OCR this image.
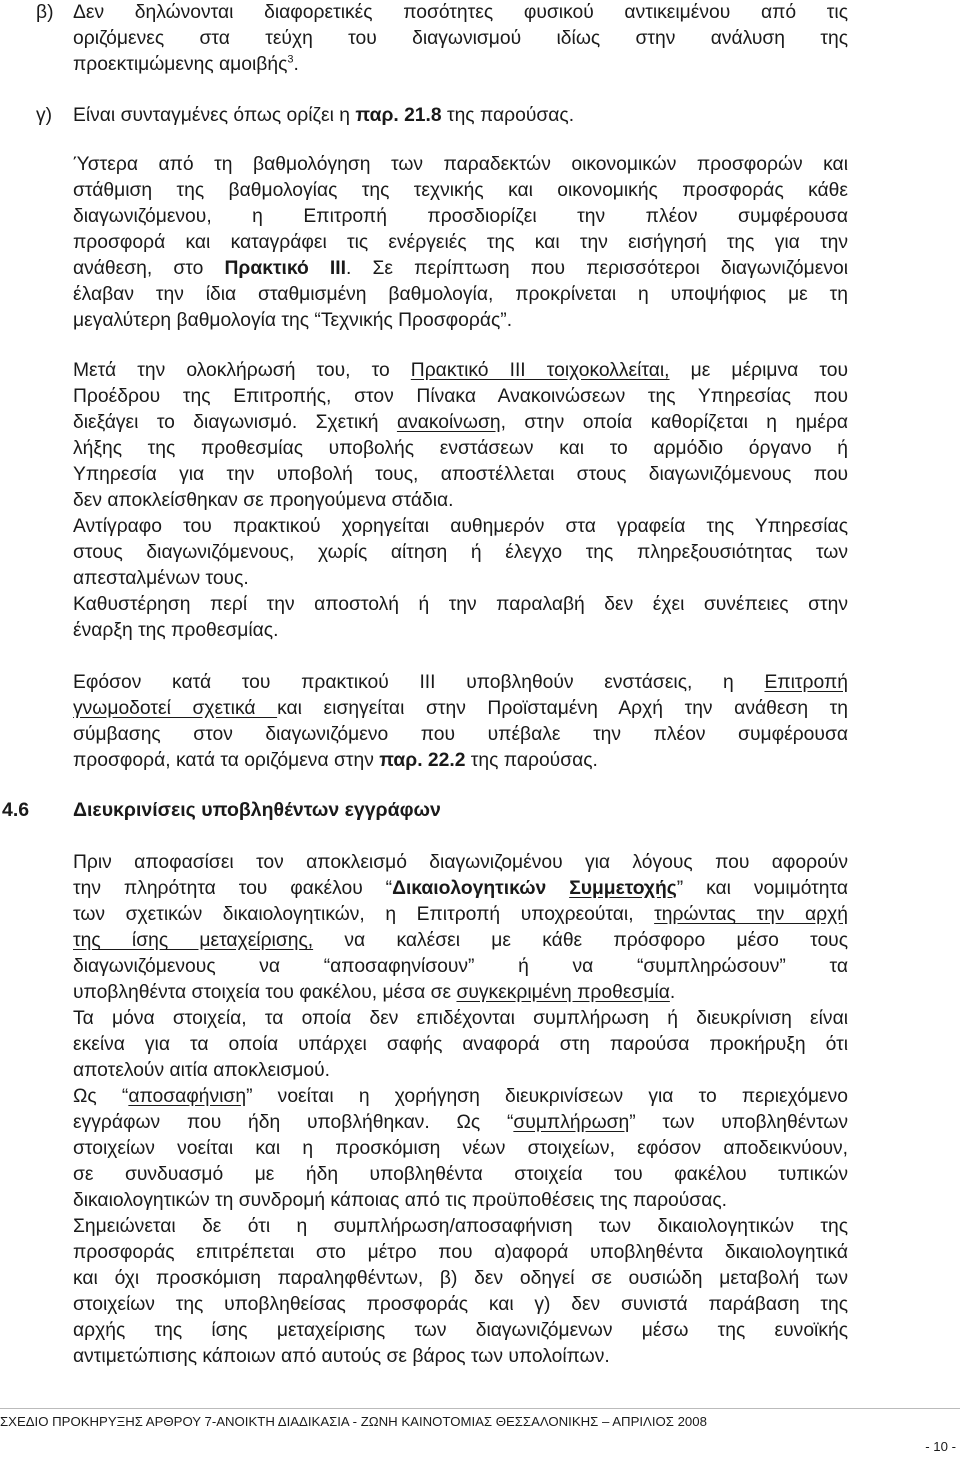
β) Δεν δηλώνονται διαφορετικές ποσότητες φυσικού αντικειμένου από τις
οριζόμενες στα τεύχη του διαγωνισμού ιδίως στην ανάλυση της
προεκτιμώμενης αμοιβής$^3$.
γ) Είναι συνταγμένες όπως ορίζει η παρ. 21.8 της παρούσας.
Ύστερα από τη βαθμολόγηση των παραδεκτών οικονομικών προσφορών και
στάθμιση της βαθμολογίας της τεχνικής και οικονομικής προσφοράς κάθε
διαγωνιζόμενου, η Επιτροπή προσδιορίζει την πλέον συμφέρουσα
προσφορά και καταγράφει τις ενέργειές της και την εισήγησή της για την
ανάθεση, στο Πρακτικό ΙΙΙ. Σε περίπτωση που περισσότεροι διαγωνιζόμενοι
έλαβαν την ίδια σταθμισμένη βαθμολογία, προκρίνεται η υποψήφιος με τη
μεγαλύτερη βαθμολογία της “Τεχνικής Προσφοράς”.
Μετά την ολοκλήρωσή του, το Πρακτικό ΙΙΙ τοιχοκολλείται, με μέριμνα του
Προέδρου της Επιτροπής, στον Πίνακα Ανακοινώσεων της Υπηρεσίας που
διεξάγει το διαγωνισμό. Σχετική ανακοίνωση, στην οποία καθορίζεται η ημέρα
λήξης της προθεσμίας υποβολής ενστάσεων και το αρμόδιο όργανο ή
Υπηρεσία για την υποβολή τους, αποστέλλεται στους διαγωνιζόμενους που
δεν αποκλείσθηκαν σε προηγούμενα στάδια.
Αντίγραφο του πρακτικού χορηγείται αυθημερόν στα γραφεία της Υπηρεσίας
στους διαγωνιζόμενους, χωρίς αίτηση ή έλεγχο της πληρεξουσιότητας των
απεσταλμένων τους.
Καθυστέρηση περί την αποστολή ή την παραλαβή δεν έχει συνέπειες στην
έναρξη της προθεσμίας.
Εφόσον κατά του πρακτικού ΙΙΙ υποβληθούν ενστάσεις, η Επιτροπή
γνωμοδοτεί σχετικά και εισηγείται στην Προϊσταμένη Αρχή την ανάθεση τη
σύμβασης στον διαγωνιζόμενο που υπέβαλε την πλέον συμφέρουσα
προσφορά, κατά τα οριζόμενα στην παρ. 22.2 της παρούσας.
4.6 Διευκρινίσεις υποβληθέντων εγγράφων
Πριν αποφασίσει τον αποκλεισμό διαγωνιζομένου για λόγους που αφορούν
την πληρότητα του φακέλου “Δικαιολογητικών Συμμετοχής” και νομιμότητα
των σχετικών δικαιολογητικών, η Επιτροπή υποχρεούται, τηρώντας την αρχή
της ίσης μεταχείρισης, να καλέσει με κάθε πρόσφορο μέσο τους
διαγωνιζόμενους να “αποσαφηνίσουν” ή να “συμπληρώσουν” τα
υποβληθέντα στοιχεία του φακέλου, μέσα σε συγκεκριμένη προθεσμία.
Τα μόνα στοιχεία, τα οποία δεν επιδέχονται συμπλήρωση ή διευκρίνιση είναι
εκείνα για τα οποία υπάρχει σαφής αναφορά στη παρούσα προκήρυξη ότι
αποτελούν αιτία αποκλεισμού.
Ως “αποσαφήνιση” νοείται η χορήγηση διευκρινίσεων για το περιεχόμενο
εγγράφων που ήδη υποβλήθηκαν. Ως “συμπλήρωση” των υποβληθέντων
στοιχείων νοείται και η προσκόμιση νέων στοιχείων, εφόσον αποδεικνύουν,
σε συνδυασμό με ήδη υποβληθέντα στοιχεία του φακέλου τυπικών
δικαιολογητικών τη συνδρομή κάποιας από τις προϋποθέσεις της παρούσας.
Σημειώνεται δε ότι η συμπλήρωση/αποσαφήνιση των δικαιολογητικών της
προσφοράς επιτρέπεται στο μέτρο που α)αφορά υποβληθέντα δικαιολογητικά
και όχι προσκόμιση παραληφθέντων, β) δεν οδηγεί σε ουσιώδη μεταβολή των
στοιχείων της υποβληθείσας προσφοράς και γ) δεν συνιστά παράβαση της
αρχής της ίσης μεταχείρισης των διαγωνιζόμενων μέσω της ευνοϊκής
αντιμετώπισης κάποιων από αυτούς σε βάρος των υπολοίπων.
ΣΧΕΔΙΟ ΠΡΟΚΗΡΥΞΗΣ ΑΡΘΡΟΥ 7-ΑΝΟΙΚΤΗ ΔΙΑΔΙΚΑΣΙΑ - ΖΩΝΗ ΚΑΙΝΟΤΟΜΙΑΣ ΘΕΣΣΑΛΟΝΙΚΗΣ – ΑΠΡΙΛΙΟΣ 2008
- 10 -
